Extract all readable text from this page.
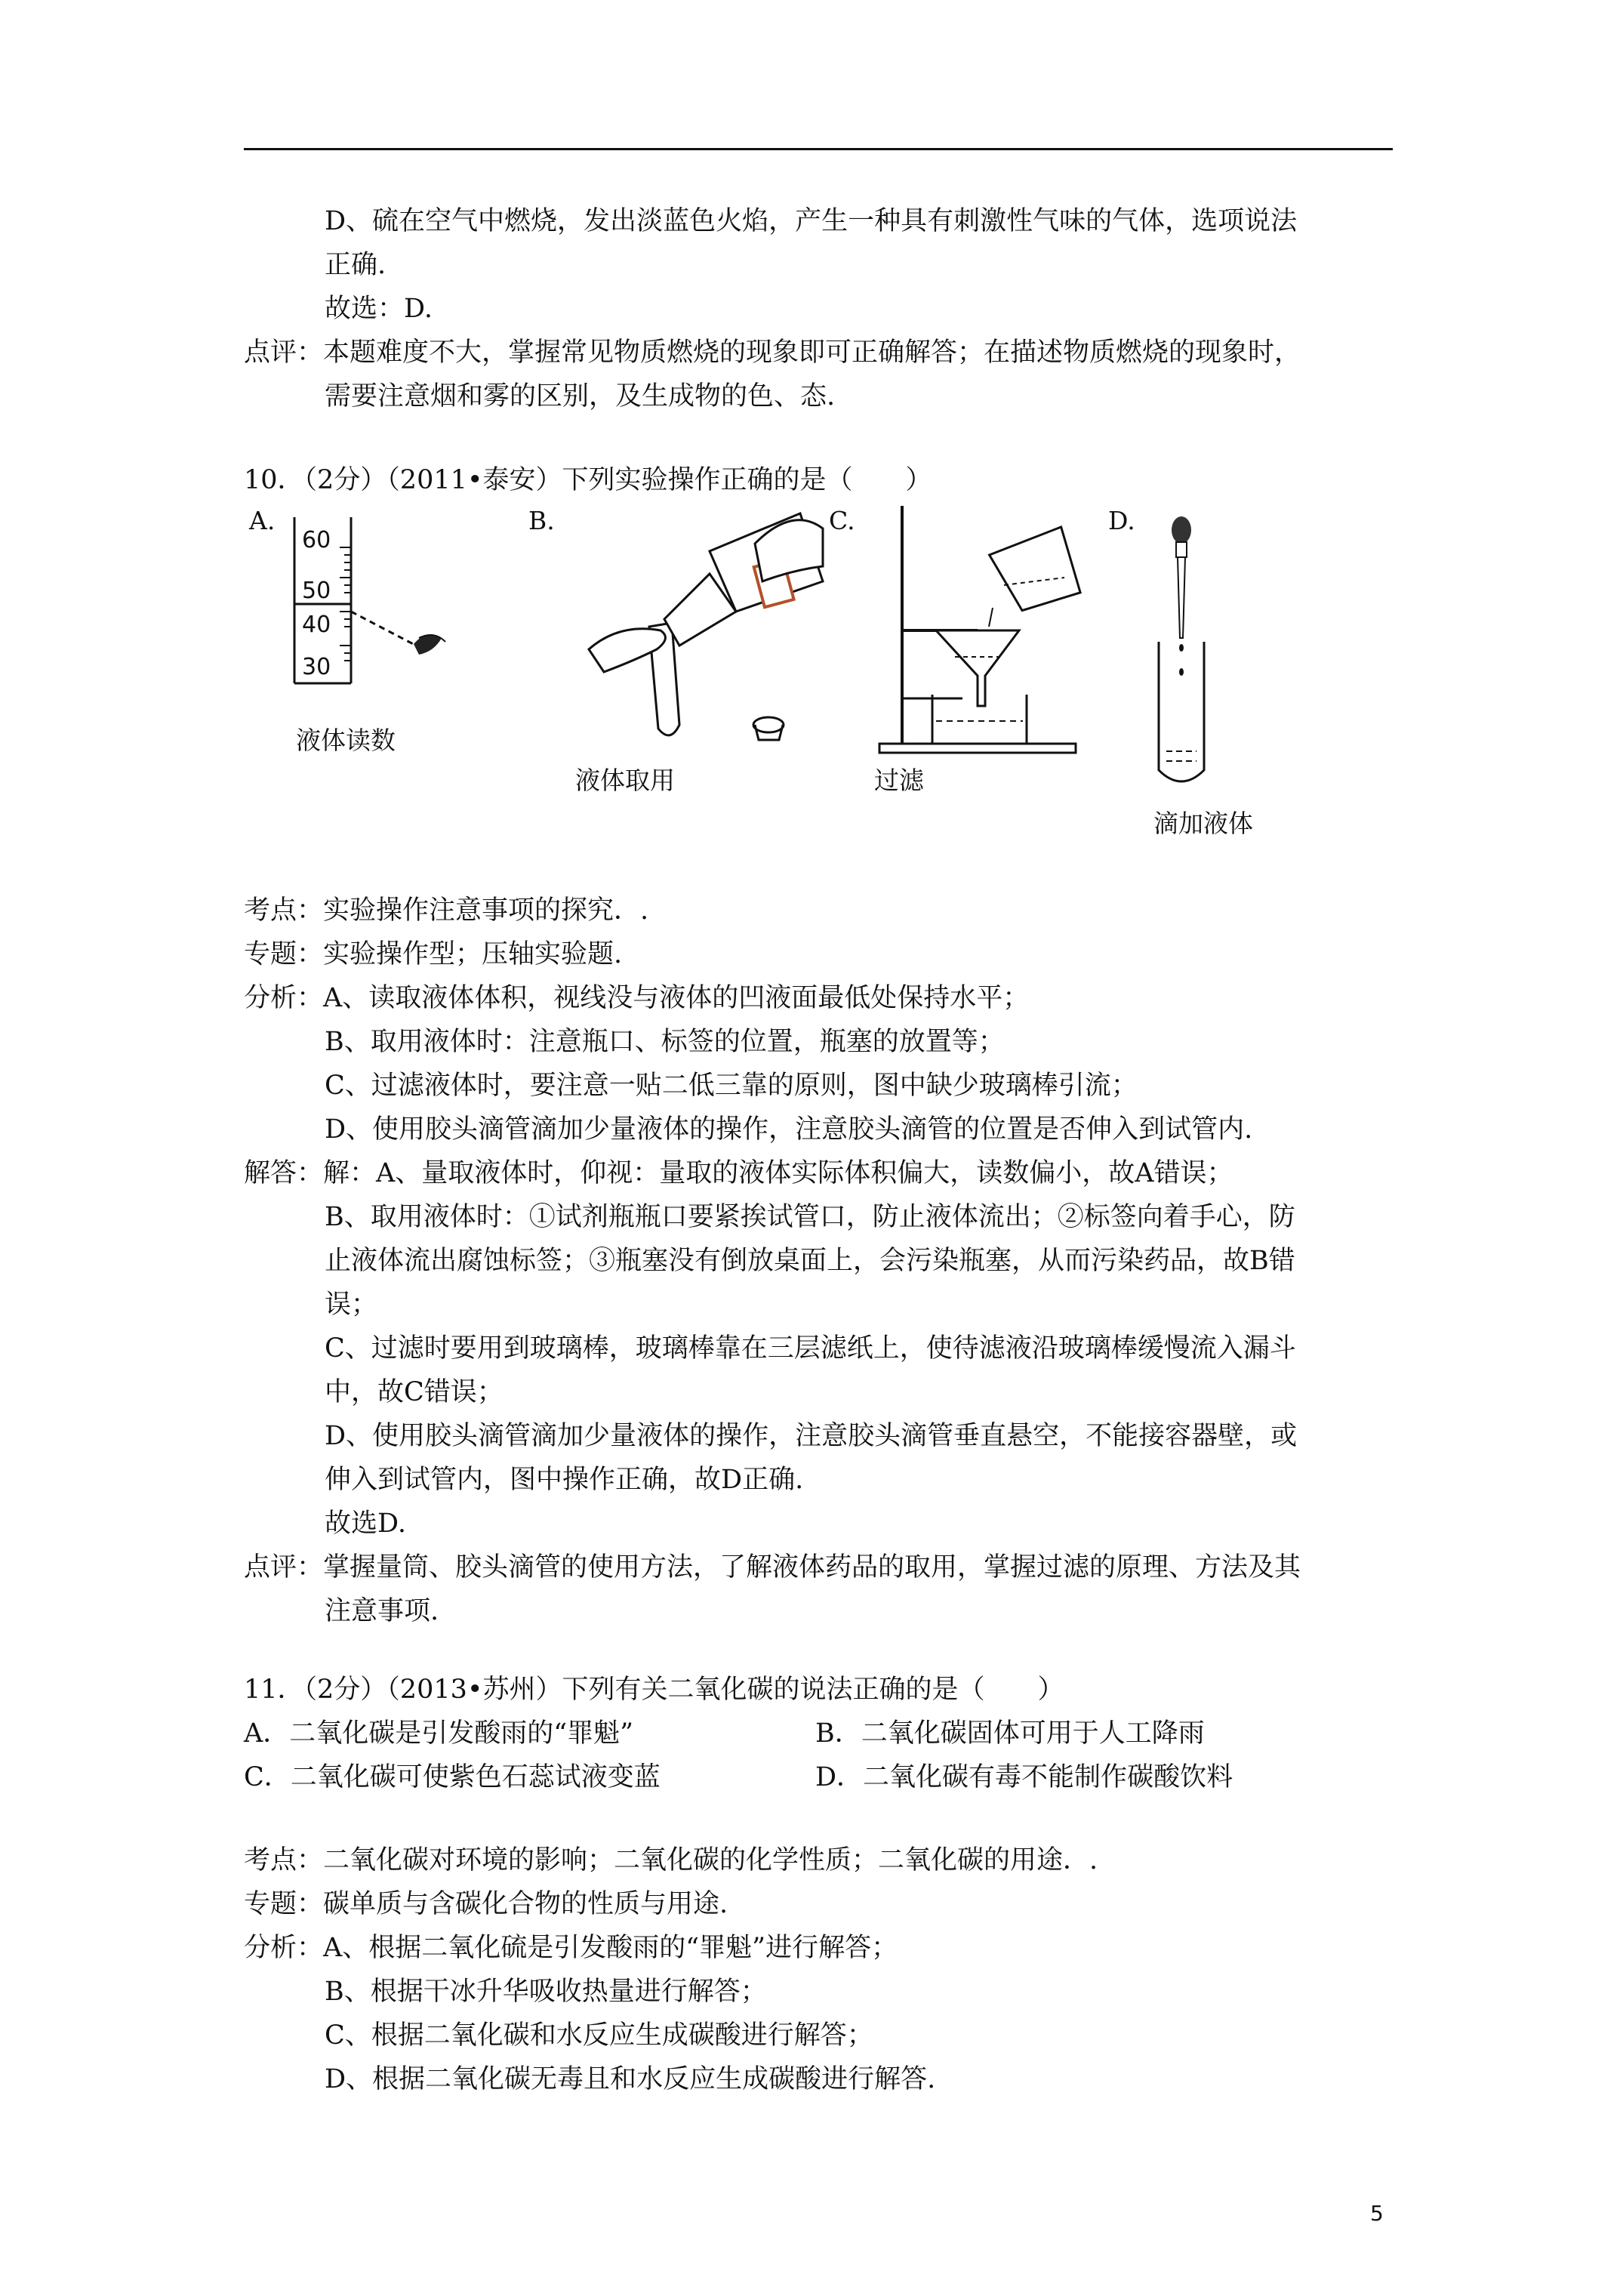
D、硫在空气中燃烧，发出淡蓝色火焰，产生一种具有刺激性气味的气体，选项说法
正确.
故选：D.
点评：本题难度不大，掌握常见物质燃烧的现象即可正确解答；在描述物质燃烧的现象时，
需要注意烟和雾的区别，及生成物的色、态.
10．（2分）（2011•泰安）下列实验操作正确的是（　　）
A.	B.	C.	D.
60
50
40
30
液体读数
液体取用	过滤
滴加液体
考点：实验操作注意事项的探究．.
专题：实验操作型；压轴实验题.
分析：A、读取液体体积，视线没与液体的凹液面最低处保持水平；
B、取用液体时：注意瓶口、标签的位置，瓶塞的放置等；
C、过滤液体时，要注意一贴二低三靠的原则，图中缺少玻璃棒引流；
D、使用胶头滴管滴加少量液体的操作，注意胶头滴管的位置是否伸入到试管内.
解答：解：A、量取液体时，仰视：量取的液体实际体积偏大，读数偏小，故A错误；
B、取用液体时：①试剂瓶瓶口要紧挨试管口，防止液体流出；②标签向着手心，防
止液体流出腐蚀标签；③瓶塞没有倒放桌面上，会污染瓶塞，从而污染药品，故B错
误；
C、过滤时要用到玻璃棒，玻璃棒靠在三层滤纸上，使待滤液沿玻璃棒缓慢流入漏斗
中，故C错误；
D、使用胶头滴管滴加少量液体的操作，注意胶头滴管垂直悬空，不能接容器壁，或
伸入到试管内，图中操作正确，故D正确.
故选D.
点评：掌握量筒、胶头滴管的使用方法，了解液体药品的取用，掌握过滤的原理、方法及其
注意事项.
11．（2分）（2013•苏州）下列有关二氧化碳的说法正确的是（　　）
A．二氧化碳是引发酸雨的“罪魁”	B．二氧化碳固体可用于人工降雨
C．二氧化碳可使紫色石蕊试液变蓝	D．二氧化碳有毒不能制作碳酸饮料
考点：二氧化碳对环境的影响；二氧化碳的化学性质；二氧化碳的用途．.
专题：碳单质与含碳化合物的性质与用途.
分析：A、根据二氧化硫是引发酸雨的“罪魁”进行解答；
B、根据干冰升华吸收热量进行解答；
C、根据二氧化碳和水反应生成碳酸进行解答；
D、根据二氧化碳无毒且和水反应生成碳酸进行解答.
5
